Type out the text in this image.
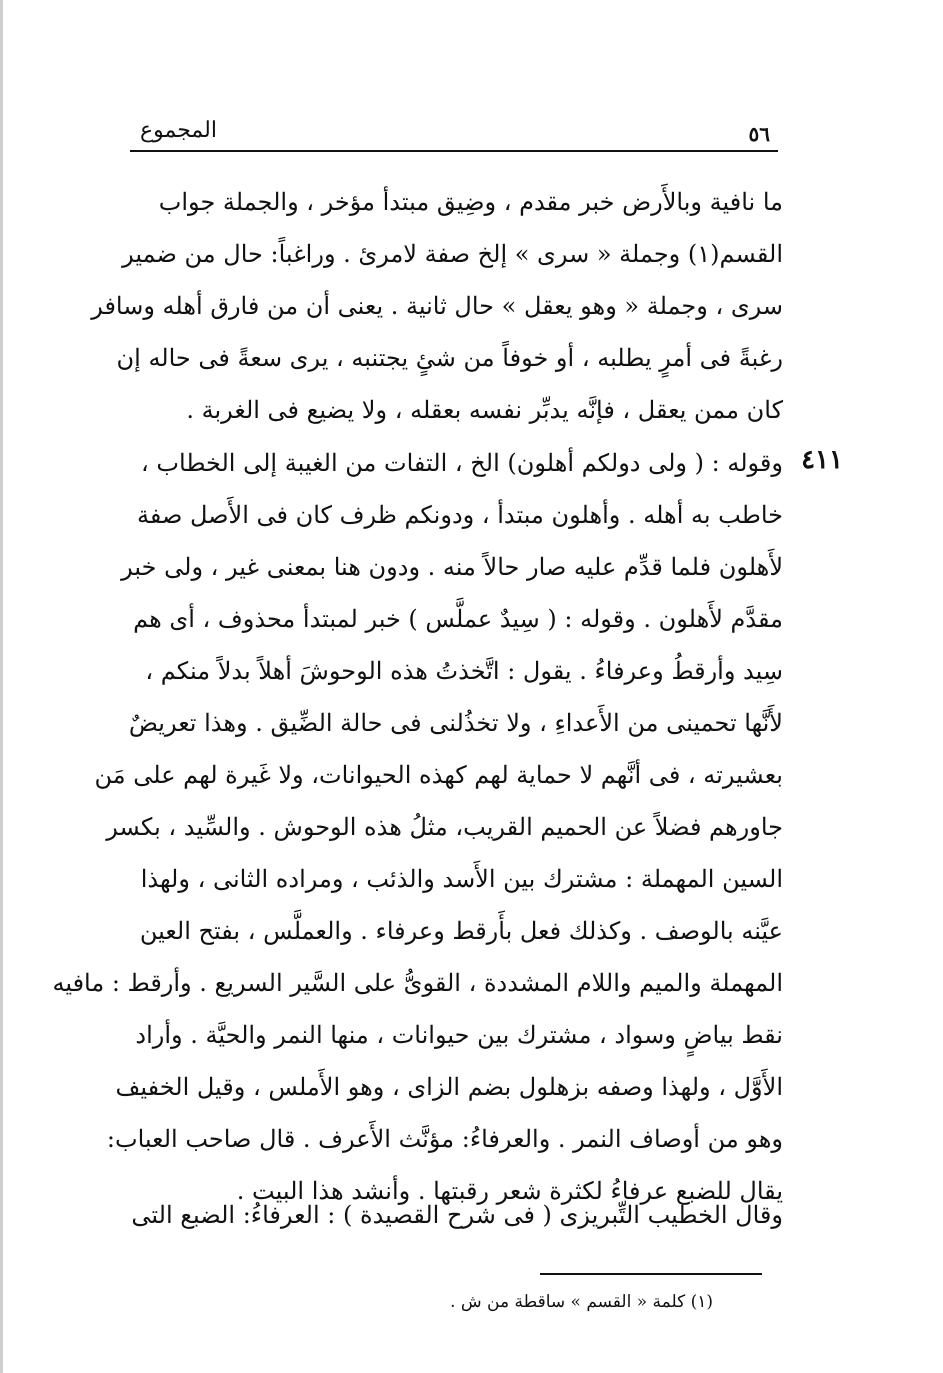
٥٦
المجموع
ما نافية وبالأَرض خبر مقدم ، وضِيق مبتدأ مؤخر ، والجملة جواب
القسم(١) وجملة « سرى » إلخ صفة لامرئ . وراغباً: حال من ضمير
سرى ، وجملة « وهو يعقل » حال ثانية . يعنى أن من فارق أهله وسافر
رغبةً فى أمرٍ يطلبه ، أو خوفاً من شئٍ يجتنبه ، يرى سعةً فى حاله إن
كان ممن يعقل ، فإنَّه يدبِّر نفسه بعقله ، ولا يضيع فى الغربة .
٤١١
وقوله : ( ولى دولكم أهلون) الخ ، التفات من الغيبة إلى الخطاب ،
خاطب به أهله . وأهلون مبتدأ ، ودونكم ظرف كان فى الأَصل صفة
لأَهلون فلما قدِّم عليه صار حالاً منه . ودون هنا بمعنى غير ، ولى خبر
مقدَّم لأَهلون . وقوله : ( سِيدٌ عملَّس ) خبر لمبتدأ محذوف ، أى هم
سِيد وأرقطُ وعرفاءُ . يقول : اتَّخذتُ هذه الوحوشَ أهلاً بدلاً منكم ،
لأَنَّها تحمينى من الأَعداءِ ، ولا تخذُلنى فى حالة الضِّيق . وهذا تعريضٌ
بعشيرته ، فى أنَّهم لا حماية لهم كهذه الحيوانات، ولا غَيرة لهم على مَن
جاورهم فضلاً عن الحميم القريب، مثلُ هذه الوحوش . والسِّيد ، بكسر
السين المهملة : مشترك بين الأَسد والذئب ، ومراده الثانى ، ولهذا
عيَّنه بالوصف . وكذلك فعل بأَرقط وعرفاء . والعملَّس ، بفتح العين
المهملة والميم واللام المشددة ، القوىُّ على السَّير السريع . وأرقط : مافيه
نقط بياضٍ وسواد ، مشترك بين حيوانات ، منها النمر والحيَّة . وأراد
الأَوَّل ، ولهذا وصفه بزهلول بضم الزاى ، وهو الأَملس ، وقيل الخفيف
وهو من أوصاف النمر . والعرفاءُ: مؤنَّث الأَعرف . قال صاحب العباب:
يقال للضبع عرفاءُ لكثرة شعر رقبتها . وأنشد هذا البيت .
وقال الخطيب التِّبريزى ( فى شرح القصيدة ) : العرفاءُ: الضبع التى
(١) كلمة « القسم » ساقطة من ش .
